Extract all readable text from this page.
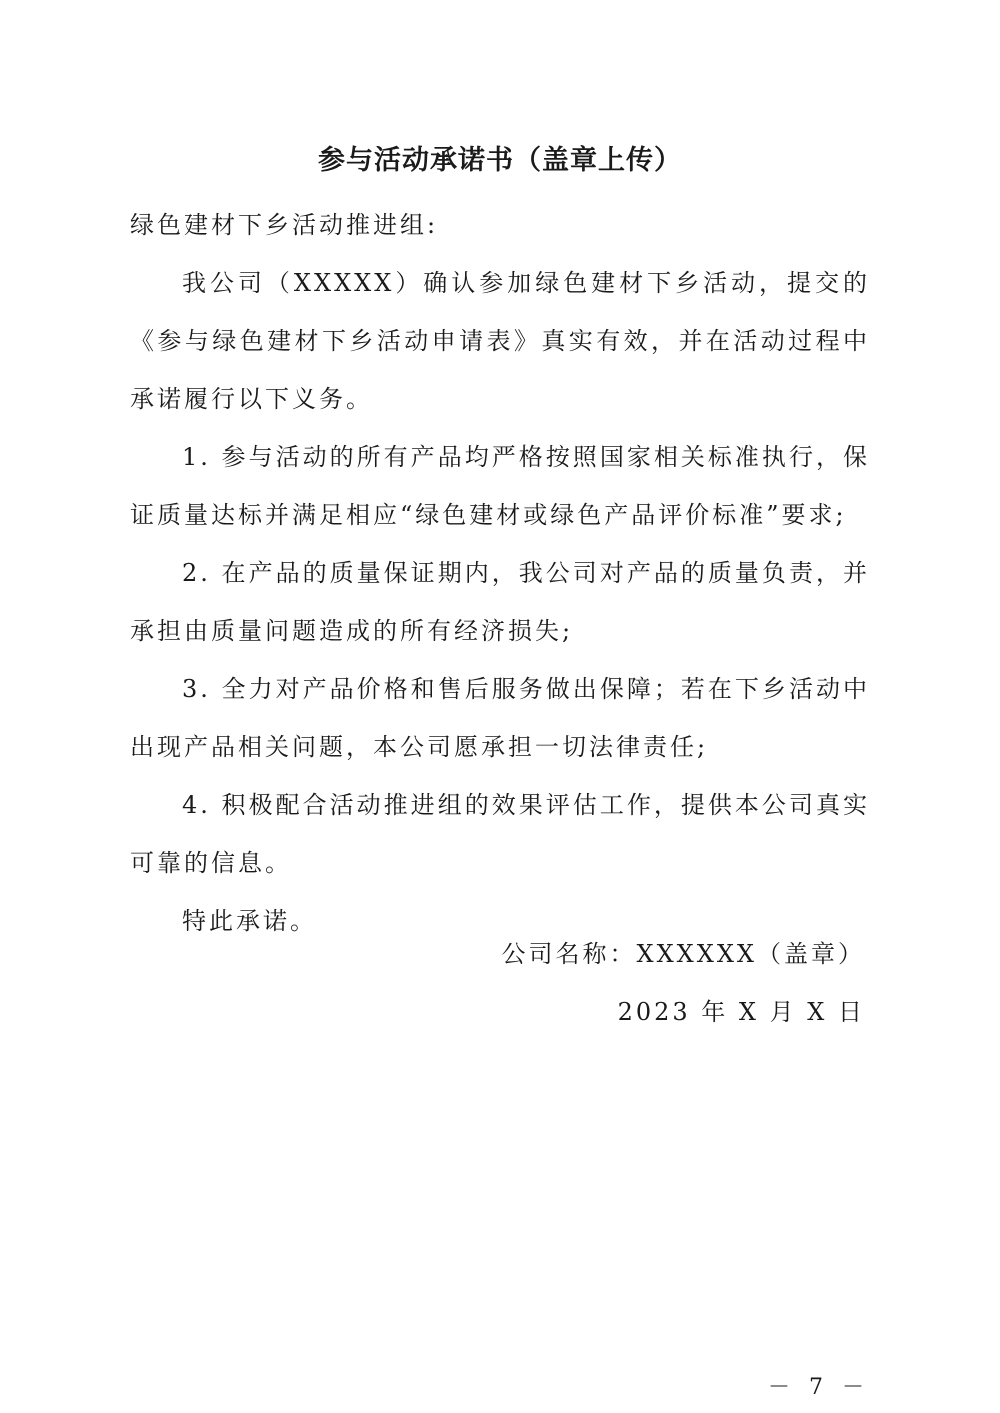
参与活动承诺书（盖章上传）

绿色建材下乡活动推进组:

我公司（XXXXX）确认参加绿色建材下乡活动，提交的《参与绿色建材下乡活动申请表》真实有效，并在活动过程中承诺履行以下义务。

1. 参与活动的所有产品均严格按照国家相关标准执行，保证质量达标并满足相应“绿色建材或绿色产品评价标准”要求;

2. 在产品的质量保证期内，我公司对产品的质量负责，并承担由质量问题造成的所有经济损失;

3. 全力对产品价格和售后服务做出保障；若在下乡活动中出现产品相关问题，本公司愿承担一切法律责任;

4. 积极配合活动推进组的效果评估工作，提供本公司真实可靠的信息。

特此承诺。

公司名称：XXXXXX（盖章）

2023 年 X 月 X 日

－ 7 －
